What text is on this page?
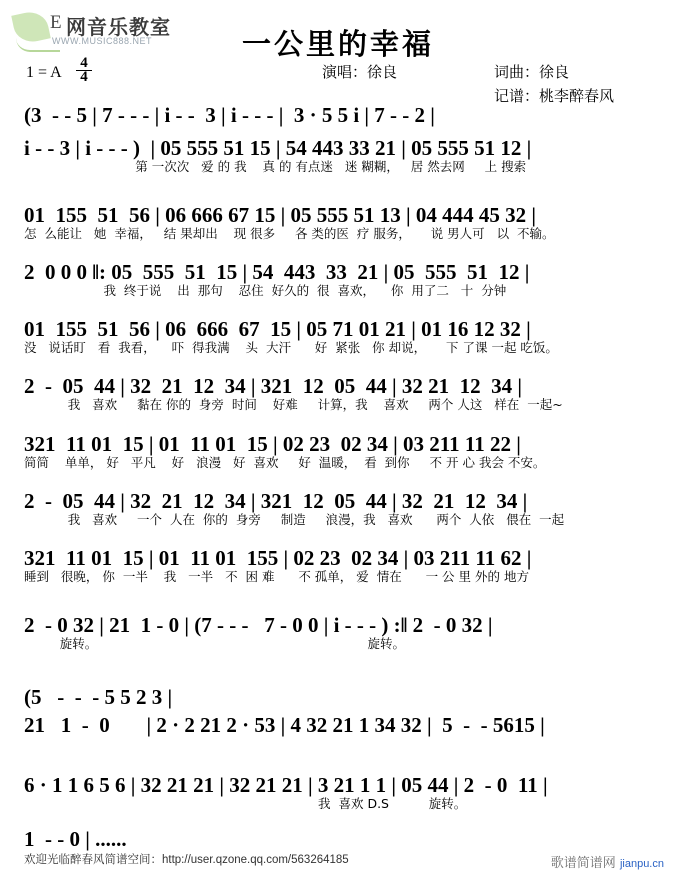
E 网音乐教室
WWW.MUSIC888.NET	一公里的幸福
演唱：徐良	词曲：徐良
记谱：桃李醉春风
1 = A $\frac{4}{4}$
(3  - - 5 | 7 - - - | i - -  3 | i - - - |  3 · 5 5 i | 7 - - 2 |
i - - 3 | i - - - )  | 05 555 51 15 | 54 443 33 21 | 05 555 51 12 |
第 一次次   爱 的 我    真 的 有点迷   迷 糊糊，   居 然去网     上 搜索
01  155  51  56 | 06 666 67 15 | 05 555 51 13 | 04 444 45 32 |
怎  么能让   她  幸福，   结 果却出    现 很多     各 类的医  疗 服务，     说 男人可   以  不输。
2  0 0 0 ‖: 05  555  51  15 | 54  443  33  21 | 05  555  51  12 |
我  终于说    出  那句    忍住  好久的  很  喜欢，    你  用了二   十  分钟
01  155  51  56 | 06  666  67  15 | 05 71 01 21 | 01 16 12 32 |
没   说话盯   看  我看，    吓  得我满    头  大汗      好  紧张   你 却说，     下 了课 一起 吃饭。
2  -  05  44 | 32  21  12  34 | 321  12  05  44 | 32 21  12  34 |
我   喜欢     黏在 你的  身旁  时间    好难     计算，我    喜欢     两个 人这   样在  一起~
321  11 01  15 | 01  11 01  15 | 02 23  02 34 | 03 211 11 22 |
简简    单单， 好   平凡    好   浪漫   好  喜欢     好  温暖，  看  到你     不 开 心 我会 不安。
2  -  05  44 | 32  21  12  34 | 321  12  05  44 | 32  21  12  34 |
我   喜欢     一个  人在  你的  身旁     制造     浪漫，我   喜欢      两个  人依   偎在  一起
321  11 01  15 | 01  11 01  155 | 02 23  02 34 | 03 211 11 62 |
睡到   很晚， 你  一半    我   一半   不  困 难      不 孤单， 爱  情在      一 公 里 外的 地方
2  - 0 32 | 21  1 - 0 | (7 - - -   7 - 0 0 | i - - - ) :‖ 2  - 0 32 |
旋转。                                                                    旋转。
(5   -  -  - 5 5 2 3 |
21   1  -  0       | 2 · 2 21 2 · 53 | 4 32 21 1 34 32 |  5  -  - 5615 |
6 · 1 1 6 5 6 | 32 21 21 | 32 21 21 | 3 21 1 1 | 05 44 | 2  - 0  11 |
我  喜欢 D.S          旋转。
1  - - 0 | ......
欢迎光临醉春风简谱空间：http://user.qzone.qq.com/563264185	歌谱简谱网 jianpu.cn
